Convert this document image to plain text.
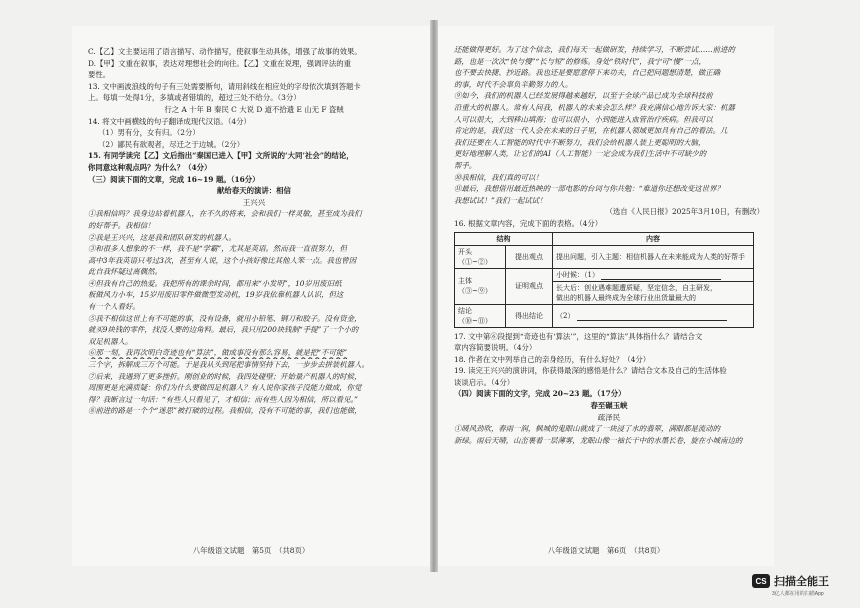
C.【乙】文主要运用了语言描写、动作描写，使叙事生动具体，增强了故事的效果。
D.【甲】文重在叙事，表达对理想社会的向往。【乙】文重在说理，强调评法的重
要性。
13. 文中画波浪线的句子有三处需要断句，请用斜线在相应处的字母依次填到答题卡
上。每填一处得1分，多填或者错填的，超过三处不给分。（3分）
行之 A 十年 B 秦民 C 大说 D 道不拾遗 E 山无 F 盗贼
14. 将文中画横线的句子翻译成现代汉语。（4分）
（1）男有分，女有归。（2分）
（2）鄙民有欲观者，尽迁之于边城。（2分）
15. 有同学读完【乙】文后指出“秦国已进入【甲】文所说的‘大同’社会”的结论，
你同意这种观点吗？为什么？（4分）
（三）阅读下面的文章，完成 16~19 题。（16分）
献给春天的演讲：相信
王兴兴
①我相信吗？我身边站着机器人，在不久的将来，会和我们一样灵敏，甚至成为我们
的好帮手。我相信！
②我是王兴兴，这是我和团队研发的机器人。
③和很多人想象的不一样，我不是“学霸”，尤其是英语。然而我一直很努力，但
高中3年我英语只考过3次，甚至有人说，这个小孩好像比其他人笨一点。我也曾因
此自我怀疑过离偶然。
④但我有自己的热爱。我把所有的课余时间，都用来“小发明”，10岁用废旧纸
板做风力小车，15岁用废旧零件做微型发动机，19岁我依靠机器人认识，但这
有一个人看好。
⑤我不相信这世上有不可能的事，没有设备，就用小铅笔、钢刀和胶子。没有资金，
就买9块钱的零件，找没人要的边角料。最后，我只用200块钱制“手提”了一个小的
双足机器人。
⑥那一刻，我再次明白奇迹也有“算法”，做成事没有那么容易，就是把“不可能”
三个字，拆解成三万个可能。于是我从头到尾把事情坚持下去，一步步去拼装机器人。
⑦后来，我遇到了更多挫折。刚创业的时候，我四处碰壁；开始量产机器人的时候，
周围更是充满质疑：你们为什么要做四足机器人？有人说你家孩子没能力做成，你觉
得？我断言过一句话：“有些人只看见了，才相信；而有些人因为相信，所以看见。”
⑧前进的路是一个个“迷思”被打破的过程。我相信，没有不可能的事，我们也能做，
八年级语文试题　第5页　（共8页）
还能做得更好。为了这个信念，我们每天一起做研发，持续学习，不断尝试……前进的
路，也是一次次“快与慢”“长与短”的修炼。身处“铁时代”，我宁可“慢”一点，
也不要去快捷、抄近路。我也还是要愿意停下来功夫，自己把问题想清楚，做正确
的事，时代不会辜负辛勤努力的人。
⑨如今，我们的机器人已经发展得越来越好，以至于全球产品已成为全球科技前
沿重大的机器人。常有人问我，机器人的未来会怎么样？我充满信心地告诉大家：机器
人可以很大，大到移山填海；也可以很小，小到能进入血管治疗疾病。但我可以
肯定的是，我们这一代人会在未来的日子里，在机器人领域更加具有自己的看法。几
我们还要在人工智能的时代中不断努力，我们会给机器人装上更聪明的大脑，
更好地理解人类，让它们的AI（人工智能）一定会成为我们生活中不可缺少的
帮手。
⑩我相信，我们真的可以！
⑪最后，我想借用最近热映的一部电影的台词与你共勉：“难道你还想改变这世界？
我想试试！”我们一起试试！
（选自《人民日报》2025年3月10日，有删改）
16. 根据文章内容，完成下面的表格。（4分）
结构		内容
开头（①~②）	提出观点	提出问题，引入主题：相信机器人在未来能成为人类的好帮手
主体（③~⑨）	证明观点	小时候：（1）

		长大后：创业遇难题遭质疑，坚定信念，自主研发，
做出的机器人最终成为全球行业出货量最大的

结论（⑩~⑪）	得出结论	（2）
17. 文中第⑥段提到“奇迹也有‘算法’”，这里的“算法”具体指什么？请结合文
章内容简要说明。（4分）
18. 作者在文中列举自己的亲身经历，有什么好处？（4分）
19. 读完王兴兴的演讲词，你获得最深的感悟是什么？请结合文本及自己的生活体验
谈谈启示。（4分）
（四）阅读下面的文字，完成 20~23 题。（17分）
春至碾玉峡
疏泽民
①暖风劲吹，春雨一润，枫城的鬼眼山就成了一块浸了水的翡翠，满眼都是流动的
新绿。雨后天晴，山峦裹着一层薄雾，龙眠山像一袖长干中的水墨长卷，旋在小城南边的
八年级语文试题　第6页　（共8页）
CS 扫描全能王
3亿人都在用的扫描App
